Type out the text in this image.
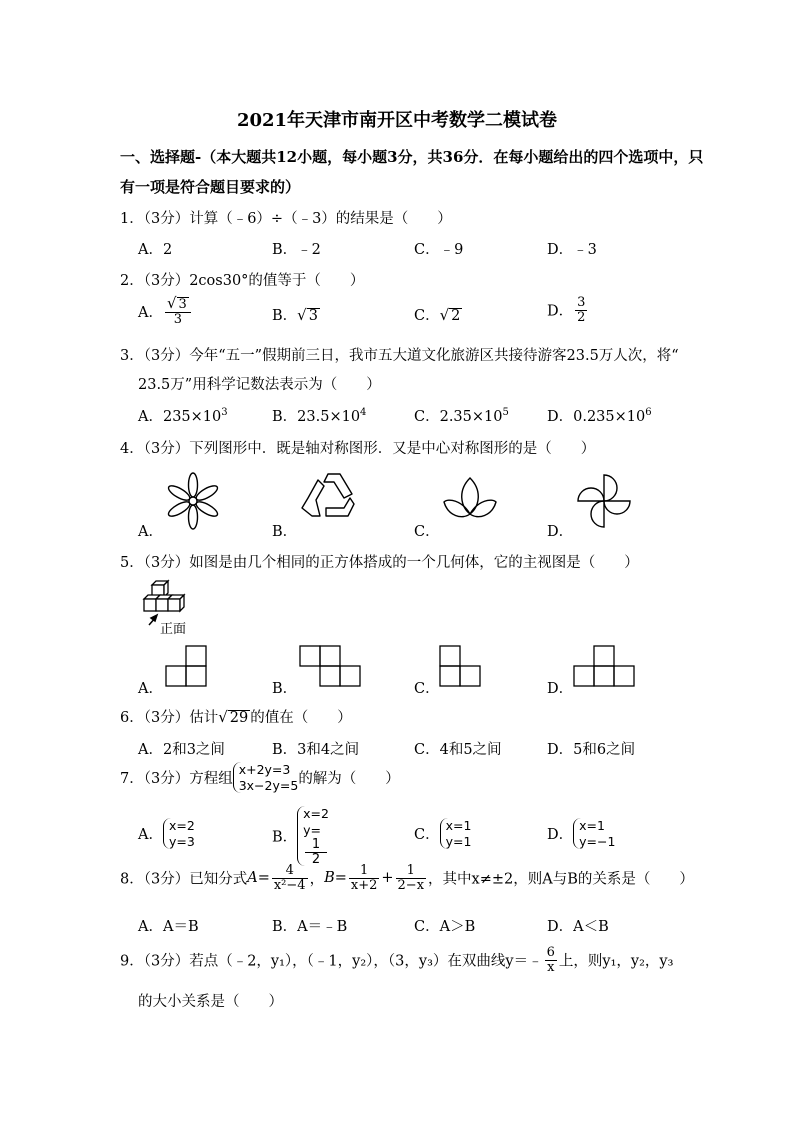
2021年天津市南开区中考数学二模试卷
一、选择题-（本大题共12小题，每小题3分，共36分．在每小题给出的四个选项中，只
有一项是符合题目要求的）
1．（3分）计算（﹣6）÷（﹣3）的结果是（　　）
A．2	B．﹣2	C．﹣9	D．﹣3
2．（3分）2cos30°的值等于（　　）
A． $\frac{√ 3}{3}$	B．√ 3	C．√ 2	D． $\frac{3}{2}$
3．（3分）今年“五一”假期前三日，我市五大道文化旅游区共接待游客23.5万人次，将“
23.5万”用科学记数法表示为（　　）
A．$235\times 10^3$	B．$23.5\times 10^4$	C．$2.35\times 10^5$	D．$0.235\times 10^6$
4．（3分）下列图形中．既是轴对称图形．又是中心对称图形的是（　　）
A．	B．	C．	D．
5．（3分）如图是由几个相同的正方体搭成的一个几何体，它的主视图是（　　）
正面
A．	B．	C．	D．
6．（3分）估计√ 29 的值在（　　）
A．2和3之间	B．3和4之间	C．4和5之间	D．5和6之间
7．（3分）方程组
x+2y=3
3x−2y=5 的解为（　　）
A．
x=2
y=3	B．
x=2
y=
1
2
C．
x=1
y=1	D．
x=1
y=−1
8．（3分）已知分式$A= \frac{4}{\text{x²−4}}$ ，$B= \frac{1}{x+2} + \frac{1}{2-x}$ ，其中x≠±2，则A与B的关系是（　　）
A．A＝B	B．A＝﹣B	C．A＞B	D．A＜B
9．（3分）若点（﹣2，y₁），（﹣1，y₂），（3，y₃）在双曲线y＝﹣ $\frac{6}{x}$ 上，则y₁，y₂，y₃
的大小关系是（　　）
